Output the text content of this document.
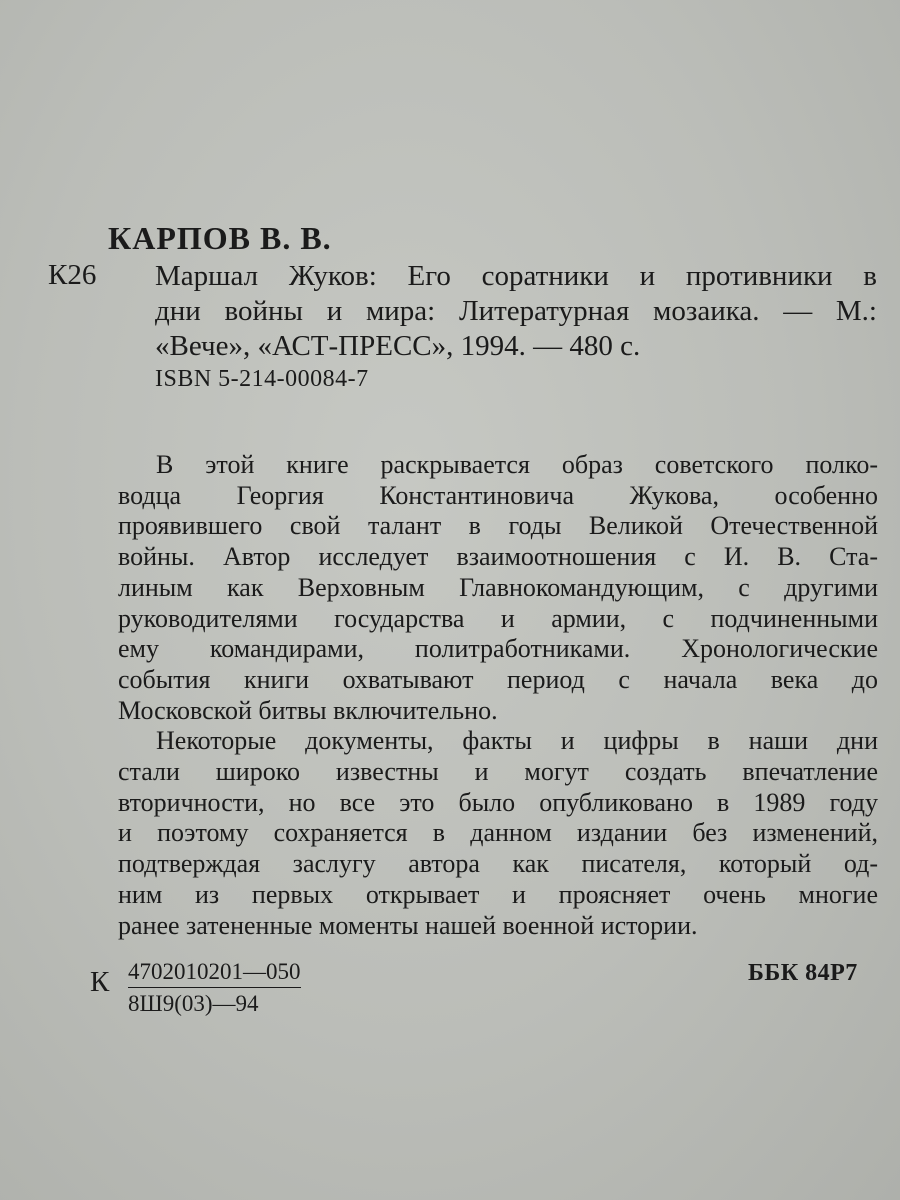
КАРПОВ В. В.
К26 Маршал Жуков: Его соратники и противники в
дни войны и мира: Литературная мозаика. — М.:
«Вече», «АСТ-ПРЕСС», 1994. — 480 с.
ISBN 5-214-00084-7
В этой книге раскрывается образ советского полко-
водца Георгия Константиновича Жукова, особенно
проявившего свой талант в годы Великой Отечественной
войны. Автор исследует взаимоотношения с И. В. Ста-
линым как Верховным Главнокомандующим, с другими
руководителями государства и армии, с подчиненными
ему командирами, политработниками. Хронологические
события книги охватывают период с начала века до
Московской битвы включительно.
Некоторые документы, факты и цифры в наши дни
стали широко известны и могут создать впечатление
вторичности, но все это было опубликовано в 1989 году
и поэтому сохраняется в данном издании без изменений,
подтверждая заслугу автора как писателя, который од-
ним из первых открывает и проясняет очень многие
ранее затененные моменты нашей военной истории.
К 4702010201—050
8Ш9(03)—94
ББК 84Р7
